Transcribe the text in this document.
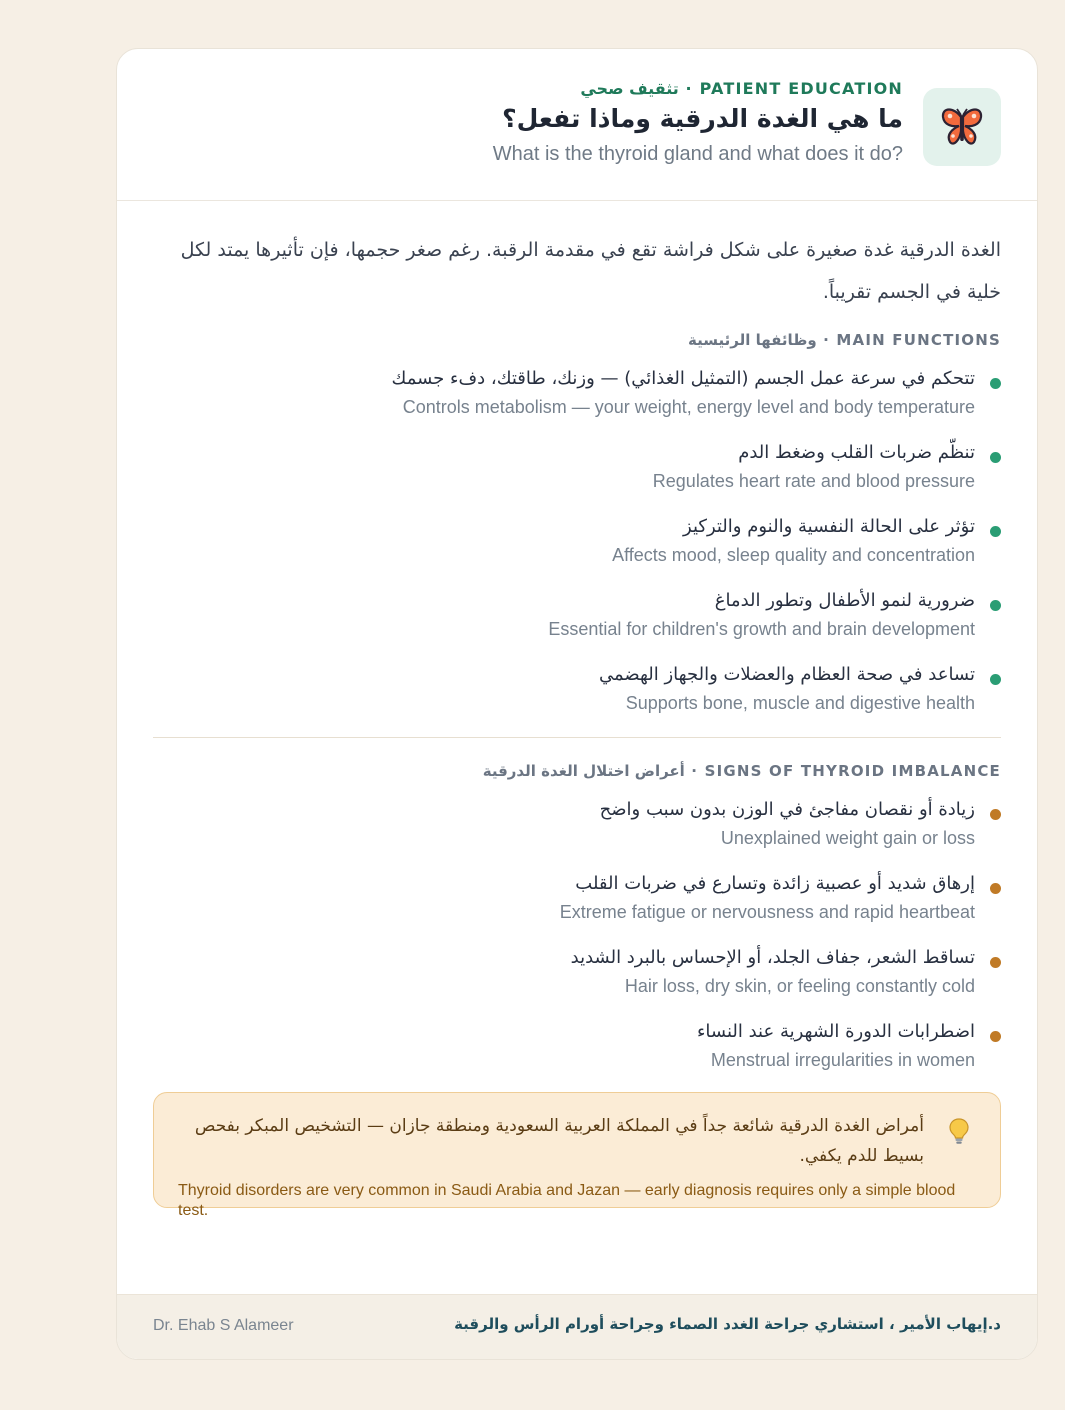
PATIENT EDUCATION · تثقيف صحي
ما هي الغدة الدرقية وماذا تفعل؟
What is the thyroid gland and what does it do?
الغدة الدرقية غدة صغيرة على شكل فراشة تقع في مقدمة الرقبة. رغم صغر حجمها، فإن تأثيرها يمتد لكل خلية في الجسم تقريباً.
MAIN FUNCTIONS · وظائفها الرئيسية
تتحكم في سرعة عمل الجسم (التمثيل الغذائي) — وزنك، طاقتك، دفء جسمك
Controls metabolism — your weight, energy level and body temperature
تنظّم ضربات القلب وضغط الدم
Regulates heart rate and blood pressure
تؤثر على الحالة النفسية والنوم والتركيز
Affects mood, sleep quality and concentration
ضرورية لنمو الأطفال وتطور الدماغ
Essential for children's growth and brain development
تساعد في صحة العظام والعضلات والجهاز الهضمي
Supports bone, muscle and digestive health
SIGNS OF THYROID IMBALANCE · أعراض اختلال الغدة الدرقية
زيادة أو نقصان مفاجئ في الوزن بدون سبب واضح
Unexplained weight gain or loss
إرهاق شديد أو عصبية زائدة وتسارع في ضربات القلب
Extreme fatigue or nervousness and rapid heartbeat
تساقط الشعر، جفاف الجلد، أو الإحساس بالبرد الشديد
Hair loss, dry skin, or feeling constantly cold
اضطرابات الدورة الشهرية عند النساء
Menstrual irregularities in women
أمراض الغدة الدرقية شائعة جداً في المملكة العربية السعودية ومنطقة جازان — التشخيص المبكر بفحص بسيط للدم يكفي.
Thyroid disorders are very common in Saudi Arabia and Jazan — early diagnosis requires only a simple blood test.
د.إيهاب الأمير ، استشاري جراحة الغدد الصماء وجراحة أورام الرأس والرقبة
Dr. Ehab S Alameer
